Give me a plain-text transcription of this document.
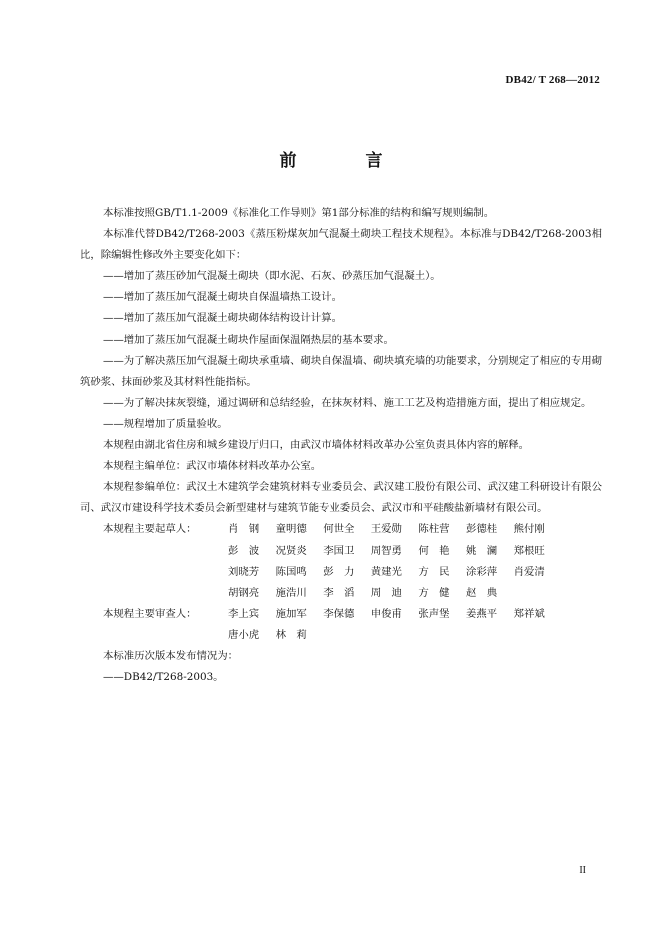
DB42/ T 268—2012
前　言

本标准按照GB/T1.1-2009《标准化工作导则》第1部分标准的结构和编写规则编制。

本标准代替DB42/T268-2003《蒸压粉煤灰加气混凝土砌块工程技术规程》。本标准与DB42/T268-2003相比，除编辑性修改外主要变化如下：

——增加了蒸压砂加气混凝土砌块（即水泥、石灰、砂蒸压加气混凝土）。

——增加了蒸压加气混凝土砌块自保温墙热工设计。

——增加了蒸压加气混凝土砌块砌体结构设计计算。

——增加了蒸压加气混凝土砌块作屋面保温隔热层的基本要求。

——为了解决蒸压加气混凝土砌块承重墙、砌块自保温墙、砌块填充墙的功能要求，分别规定了相应的专用砌筑砂浆、抹面砂浆及其材料性能指标。

——为了解决抹灰裂缝，通过调研和总结经验，在抹灰材料、施工工艺及构造措施方面，提出了相应规定。

——规程增加了质量验收。

本规程由湖北省住房和城乡建设厅归口，由武汉市墙体材料改革办公室负责具体内容的解释。

本规程主编单位：武汉市墙体材料改革办公室。

本规程参编单位：武汉土木建筑学会建筑材料专业委员会、武汉建工股份有限公司、武汉建工科研设计有限公司、武汉市建设科学技术委员会新型建材与建筑节能专业委员会、武汉市和平硅酸盐新墙材有限公司。

本规程主要起草人：	肖　钢	童明德	何世全	王爱勋	陈柱营	彭德桂	熊付刚
彭　波	况贤炎	李国卫	周智勇	何　艳	姚　澜	郑根旺
刘晓芳	陈国鸣	彭　力	黄建光	方　民	涂彩萍	肖爱清
胡钢亮	施浩川	李　滔	周　迪	方　健	赵　典
本规程主要审查人：	李上宾	施加军	李保德	申俊甫	张声堡	姜燕平	郑祥斌
唐小虎	林　莉

本标准历次版本发布情况为：

——DB42/T268-2003。

II
